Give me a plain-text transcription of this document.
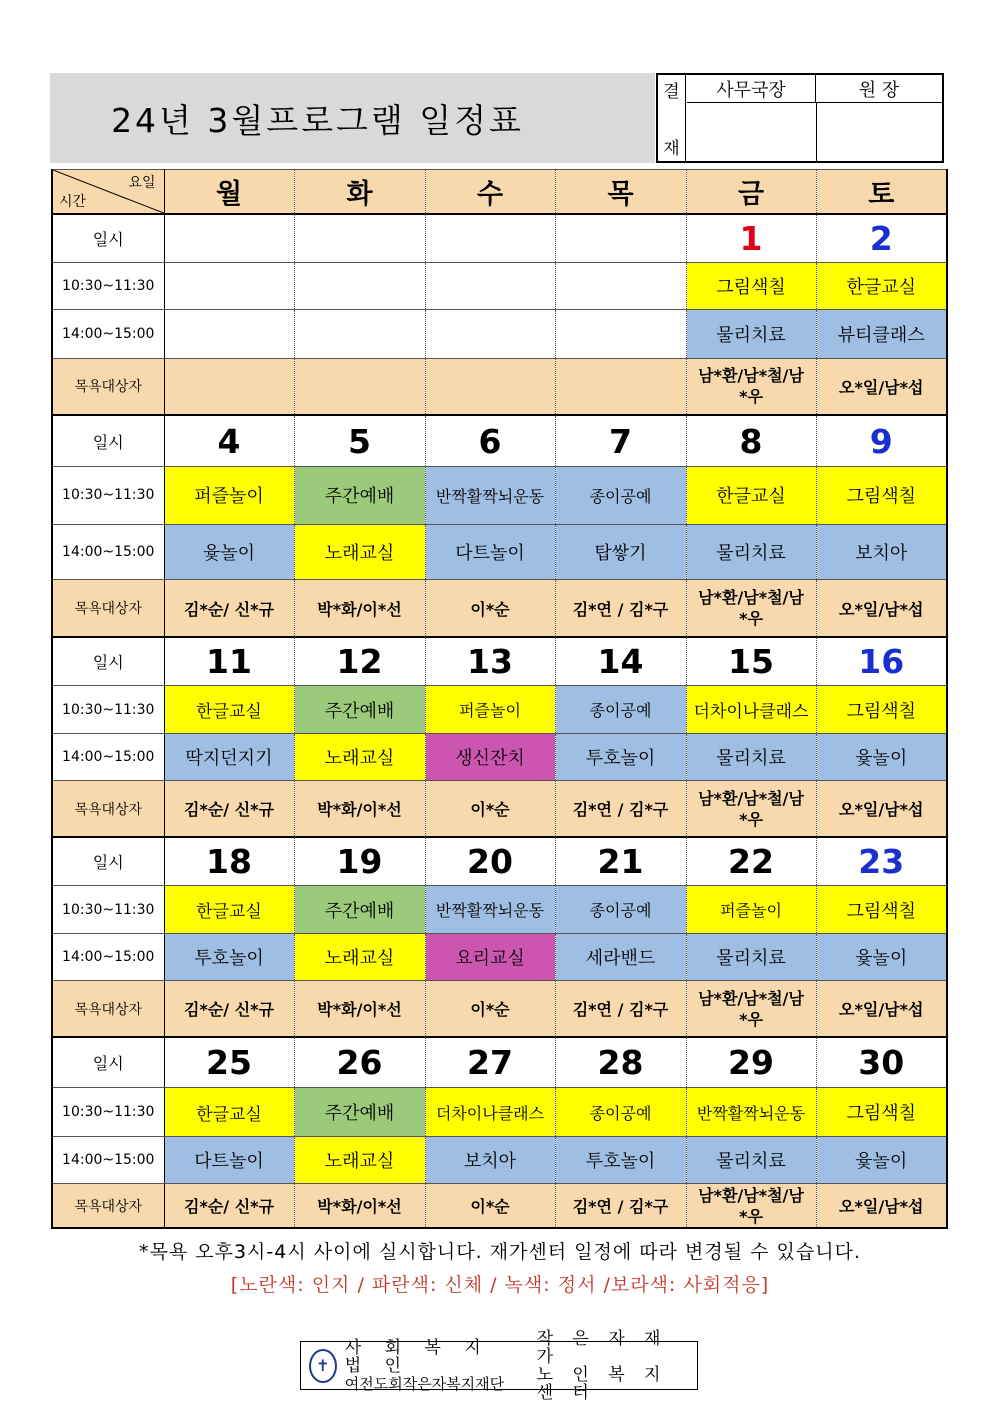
24년 3월프로그램 일정표
결
재
사무국장	원 장
요일
시간	월	화	수	목	금	토
일시					1	2
10:30~11:30					그림색칠	한글교실
14:00~15:00					물리치료	뷰티클래스
목욕대상자					남*환/남*철/남*우	오*일/남*섭
일시	4	5	6	7	8	9
10:30~11:30	퍼즐놀이	주간예배	반짝활짝뇌운동	종이공예	한글교실	그림색칠
14:00~15:00	윷놀이	노래교실	다트놀이	탑쌓기	물리치료	보치아
목욕대상자	김*순/ 신*규	박*화/이*선	이*순	김*연 / 김*구	남*환/남*철/남*우	오*일/남*섭
일시	11	12	13	14	15	16
10:30~11:30	한글교실	주간예배	퍼즐놀이	종이공예	더차이나클래스	그림색칠
14:00~15:00	딱지던지기	노래교실	생신잔치	투호놀이	물리치료	윷놀이
목욕대상자	김*순/ 신*규	박*화/이*선	이*순	김*연 / 김*구	남*환/남*철/남*우	오*일/남*섭
일시	18	19	20	21	22	23
10:30~11:30	한글교실	주간예배	반짝활짝뇌운동	종이공예	퍼즐놀이	그림색칠
14:00~15:00	투호놀이	노래교실	요리교실	세라밴드	물리치료	윷놀이
목욕대상자	김*순/ 신*규	박*화/이*선	이*순	김*연 / 김*구	남*환/남*철/남*우	오*일/남*섭
일시	25	26	27	28	29	30
10:30~11:30	한글교실	주간예배	더차이나클래스	종이공예	반짝활짝뇌운동	그림색칠
14:00~15:00	다트놀이	노래교실	보치아	투호놀이	물리치료	윷놀이
목욕대상자	김*순/ 신*규	박*화/이*선	이*순	김*연 / 김*구	남*환/남*철/남*우	오*일/남*섭
*목욕 오후3시-4시 사이에 실시합니다. 재가센터 일정에 따라 변경될 수 있습니다.
[노란색: 인지 / 파란색: 신체 / 녹색: 정서 /보라색: 사회적응]
✝
사 회 복 지 법 인
여전도회작은자복지재단
작 은 자 재 가
노 인 복 지 센 터
